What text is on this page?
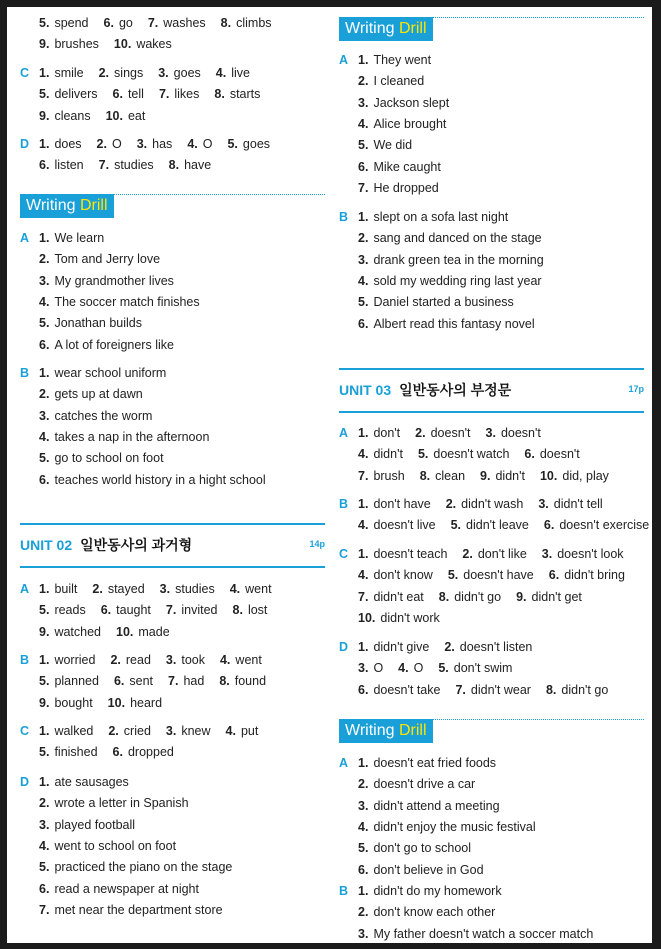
5. spend 6. go 7. washes 8. climbs
9. brushes 10. wakes
C 1. smile 2. sings 3. goes 4. live
5. delivers 6. tell 7. likes 8. starts
9. cleans 10. eat
D 1. does 2. O 3. has 4. O 5. goes
6. listen 7. studies 8. have
Writing Drill
A 1. We learn
2. Tom and Jerry love
3. My grandmother lives
4. The soccer match finishes
5. Jonathan builds
6. A lot of foreigners like
B 1. wear school uniform
2. gets up at dawn
3. catches the worm
4. takes a nap in the afternoon
5. go to school on foot
6. teaches world history in a hight school
UNIT 02 일반동사의 과거형	14p
A 1. built 2. stayed 3. studies 4. went
5. reads 6. taught 7. invited 8. lost
9. watched 10. made
B 1. worried 2. read 3. took 4. went
5. planned 6. sent 7. had 8. found
9. bought 10. heard
C 1. walked 2. cried 3. knew 4. put
5. finished 6. dropped
D 1. ate sausages
2. wrote a letter in Spanish
3. played football
4. went to school on foot
5. practiced the piano on the stage
6. read a newspaper at night
7. met near the department store
Writing Drill
A 1. They went
2. I cleaned
3. Jackson slept
4. Alice brought
5. We did
6. Mike caught
7. He dropped
B 1. slept on a sofa last night
2. sang and danced on the stage
3. drank green tea in the morning
4. sold my wedding ring last year
5. Daniel started a business
6. Albert read this fantasy novel
UNIT 03 일반동사의 부정문	17p
A 1. don't 2. doesn't 3. doesn't
4. didn't 5. doesn't watch 6. doesn't
7. brush 8. clean 9. didn't 10. did, play
B 1. don't have 2. didn't wash 3. didn't tell
4. doesn't live 5. didn't leave 6. doesn't exercise
C 1. doesn't teach 2. don't like 3. doesn't look
4. don't know 5. doesn't have 6. didn't bring
7. didn't eat 8. didn't go 9. didn't get
10. didn't work
D 1. didn't give 2. doesn't listen
3. O 4. O 5. don't swim
6. doesn't take 7. didn't wear 8. didn't go
Writing Drill
A 1. doesn't eat fried foods
2. doesn't drive a car
3. didn't attend a meeting
4. didn't enjoy the music festival
5. don't go to school
6. don't believe in God
B 1. didn't do my homework
2. don't know each other
3. My father doesn't watch a soccer match
